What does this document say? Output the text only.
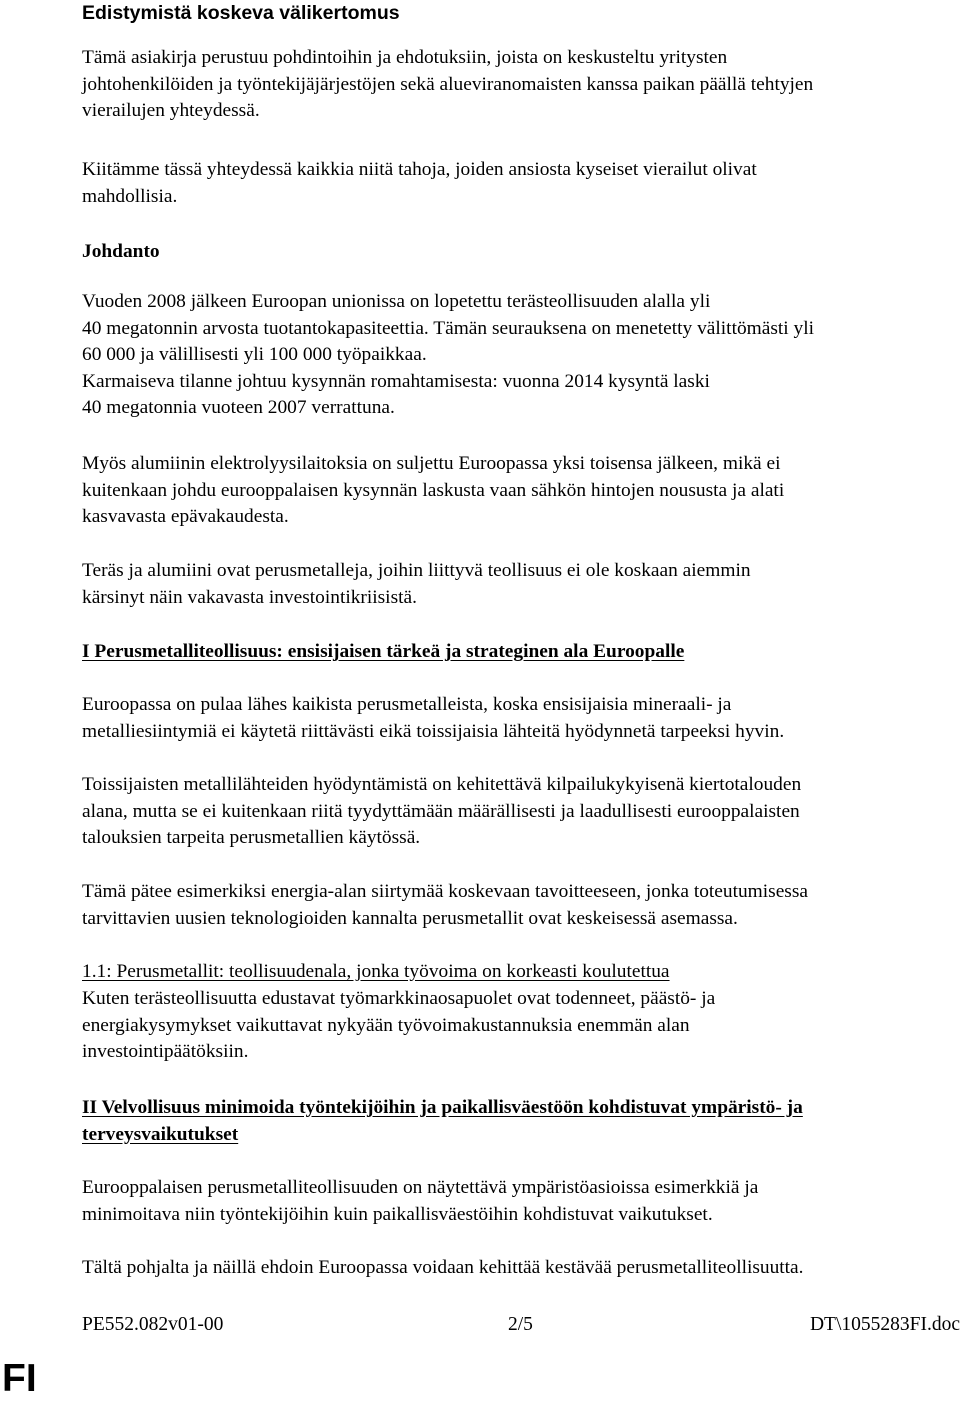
Edistymistä koskeva välikertomus
Tämä asiakirja perustuu pohdintoihin ja ehdotuksiin, joista on keskusteltu yritysten
johtohenkilöiden ja työntekijäjärjestöjen sekä alueviranomaisten kanssa paikan päällä tehtyjen
vierailujen yhteydessä.
Kiitämme tässä yhteydessä kaikkia niitä tahoja, joiden ansiosta kyseiset vierailut olivat
mahdollisia.
Johdanto
Vuoden 2008 jälkeen Euroopan unionissa on lopetettu terästeollisuuden alalla yli
40 megatonnin arvosta tuotantokapasiteettia. Tämän seurauksena on menetetty välittömästi yli
60 000 ja välillisesti yli 100 000 työpaikkaa.
Karmaiseva tilanne johtuu kysynnän romahtamisesta: vuonna 2014 kysyntä laski
40 megatonnia vuoteen 2007 verrattuna.
Myös alumiinin elektrolyysilaitoksia on suljettu Euroopassa yksi toisensa jälkeen, mikä ei
kuitenkaan johdu eurooppalaisen kysynnän laskusta vaan sähkön hintojen noususta ja alati
kasvavasta epävakaudesta.
Teräs ja alumiini ovat perusmetalleja, joihin liittyvä teollisuus ei ole koskaan aiemmin
kärsinyt näin vakavasta investointikriisistä.
I Perusmetalliteollisuus: ensisijaisen tärkeä ja strateginen ala Euroopalle
Euroopassa on pulaa lähes kaikista perusmetalleista, koska ensisijaisia mineraali- ja
metalliesiintymiä ei käytetä riittävästi eikä toissijaisia lähteitä hyödynnetä tarpeeksi hyvin.
Toissijaisten metallilähteiden hyödyntämistä on kehitettävä kilpailukykyisenä kiertotalouden
alana, mutta se ei kuitenkaan riitä tyydyttämään määrällisesti ja laadullisesti eurooppalaisten
talouksien tarpeita perusmetallien käytössä.
Tämä pätee esimerkiksi energia-alan siirtymää koskevaan tavoitteeseen, jonka toteutumisessa
tarvittavien uusien teknologioiden kannalta perusmetallit ovat keskeisessä asemassa.
1.1: Perusmetallit: teollisuudenala, jonka työvoima on korkeasti koulutettua
Kuten terästeollisuutta edustavat työmarkkinaosapuolet ovat todenneet, päästö- ja
energiakysymykset vaikuttavat nykyään työvoimakustannuksia enemmän alan
investointipäätöksiin.
II Velvollisuus minimoida työntekijöihin ja paikallisväestöön kohdistuvat ympäristö- ja
terveysvaikutukset
Eurooppalaisen perusmetalliteollisuuden on näytettävä ympäristöasioissa esimerkkiä ja
minimoitava niin työntekijöihin kuin paikallisväestöihin kohdistuvat vaikutukset.
Tältä pohjalta ja näillä ehdoin Euroopassa voidaan kehittää kestävää perusmetalliteollisuutta.
PE552.082v01-00	2/5	DT\1055283FI.doc
FI
